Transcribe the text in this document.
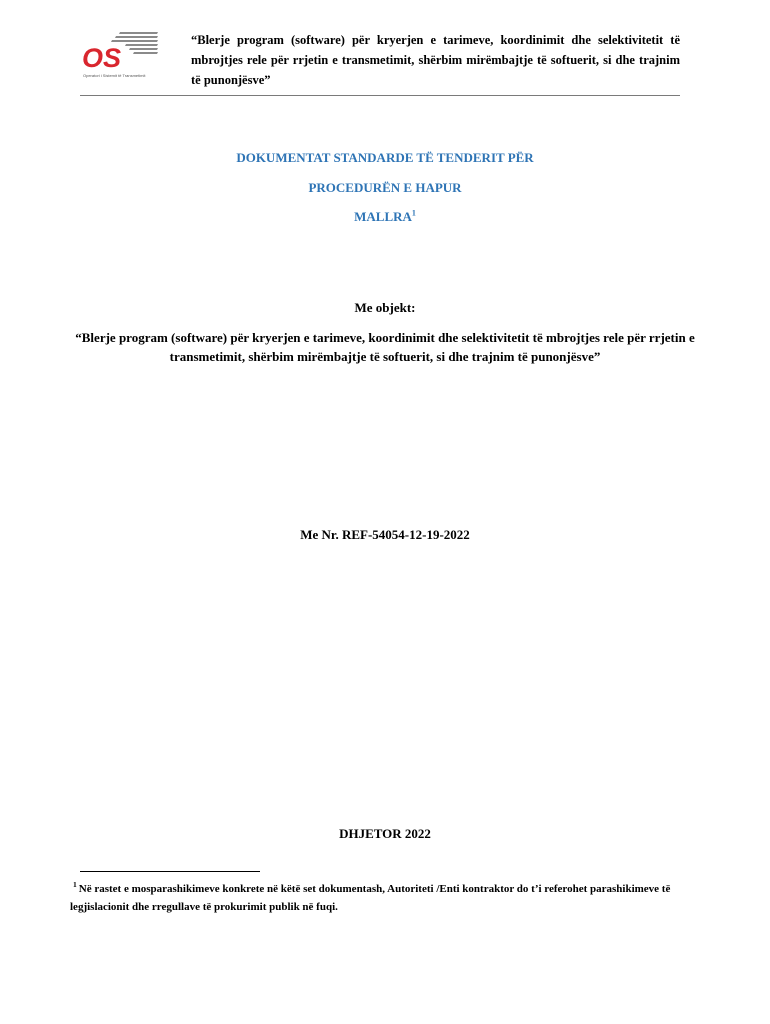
OS
Operatori i Sistemit të Transmetimit
“Blerje program (software) për kryerjen e tarimeve, koordinimit dhe selektivitetit të mbrojtjes rele për rrjetin e transmetimit, shërbim mirëmbajtje të softuerit, si dhe trajnim të punonjësve”
DOKUMENTAT STANDARDE TË TENDERIT PËR
PROCEDURËN E HAPUR
MALLRA$^1$
Me objekt:
“Blerje program (software) për kryerjen e tarimeve, koordinimit dhe selektivitetit të mbrojtjes rele për rrjetin e transmetimit, shërbim mirëmbajtje të softuerit, si dhe trajnim të punonjësve”
Me Nr. REF-54054-12-19-2022
DHJETOR 2022
$^1$ Në rastet e mosparashikimeve konkrete në këtë set dokumentash, Autoriteti /Enti kontraktor do t’i referohet parashikimeve të legjislacionit dhe rregullave të prokurimit publik në fuqi.
